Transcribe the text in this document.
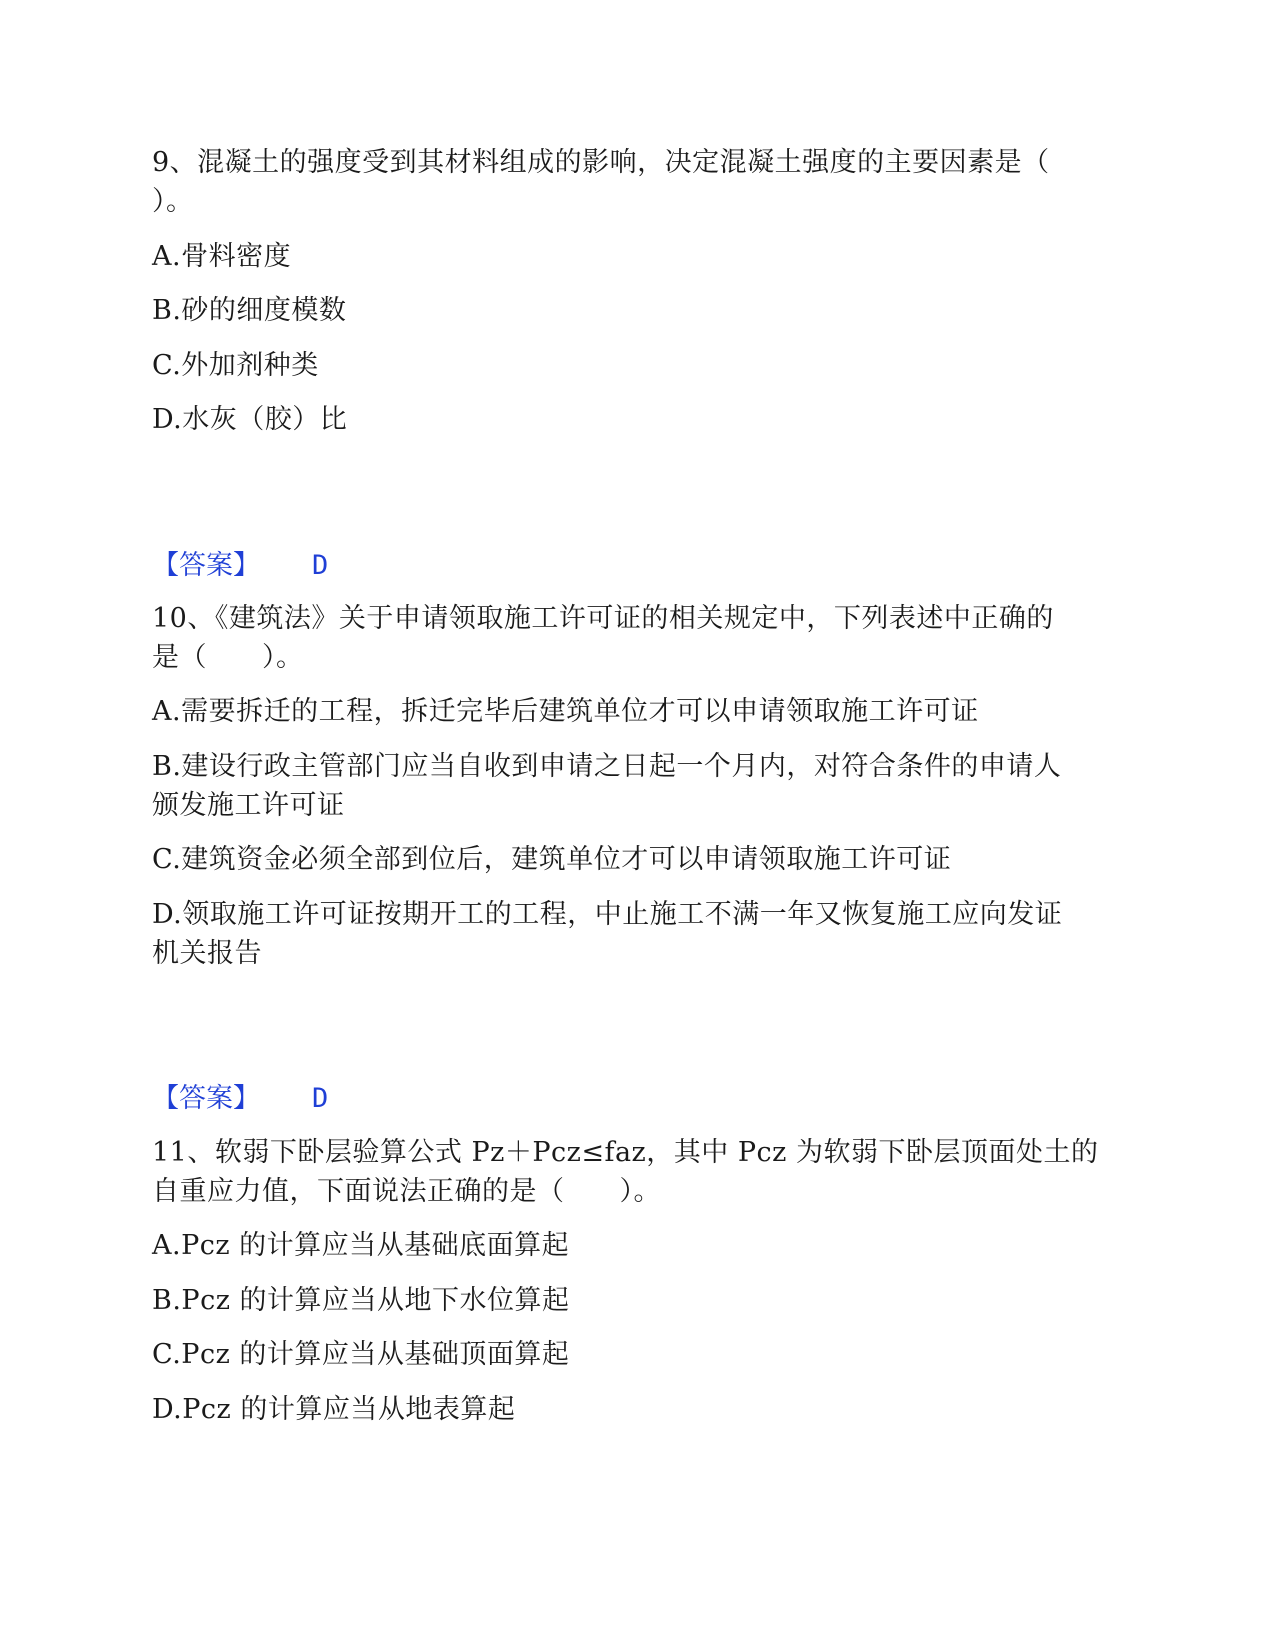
9、混凝土的强度受到其材料组成的影响，决定混凝土强度的主要因素是（
）。
A.骨料密度
B.砂的细度模数
C.外加剂种类
D.水灰（胶）比
【答案】 D
10、《建筑法》关于申请领取施工许可证的相关规定中，下列表述中正确的
是（　　）。
A.需要拆迁的工程，拆迁完毕后建筑单位才可以申请领取施工许可证
B.建设行政主管部门应当自收到申请之日起一个月内，对符合条件的申请人
颁发施工许可证
C.建筑资金必须全部到位后，建筑单位才可以申请领取施工许可证
D.领取施工许可证按期开工的工程，中止施工不满一年又恢复施工应向发证
机关报告
【答案】 D
11、软弱下卧层验算公式 Pz＋Pcz≤faz，其中 Pcz 为软弱下卧层顶面处土的
自重应力值，下面说法正确的是（　　）。
A.Pcz 的计算应当从基础底面算起
B.Pcz 的计算应当从地下水位算起
C.Pcz 的计算应当从基础顶面算起
D.Pcz 的计算应当从地表算起
